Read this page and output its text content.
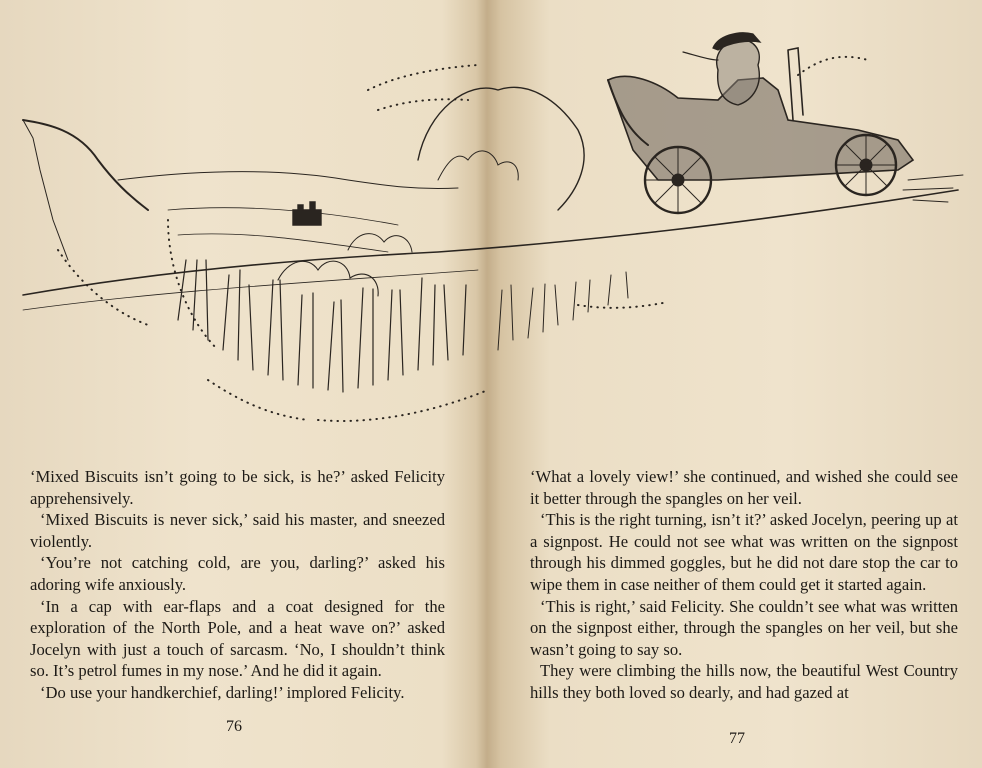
‘Mixed Biscuits isn’t going to be sick, is he?’ asked Felicity apprehensively.

‘Mixed Biscuits is never sick,’ said his master, and sneezed violently.

‘You’re not catching cold, are you, darling?’ asked his adoring wife anxiously.

‘In a cap with ear-flaps and a coat designed for the exploration of the North Pole, and a heat wave on?’ asked Jocelyn with just a touch of sarcasm. ‘No, I shouldn’t think so. It’s petrol fumes in my nose.’ And he did it again.

‘Do use your handkerchief, darling!’ implored Felicity.

76

‘What a lovely view!’ she continued, and wished she could see it better through the spangles on her veil.

‘This is the right turning, isn’t it?’ asked Jocelyn, peering up at a signpost. He could not see what was written on the signpost through his dimmed goggles, but he did not dare stop the car to wipe them in case neither of them could get it started again.

‘This is right,’ said Felicity. She couldn’t see what was written on the signpost either, through the spangles on her veil, but she wasn’t going to say so.

They were climbing the hills now, the beautiful West Country hills they both loved so dearly, and had gazed at

77
